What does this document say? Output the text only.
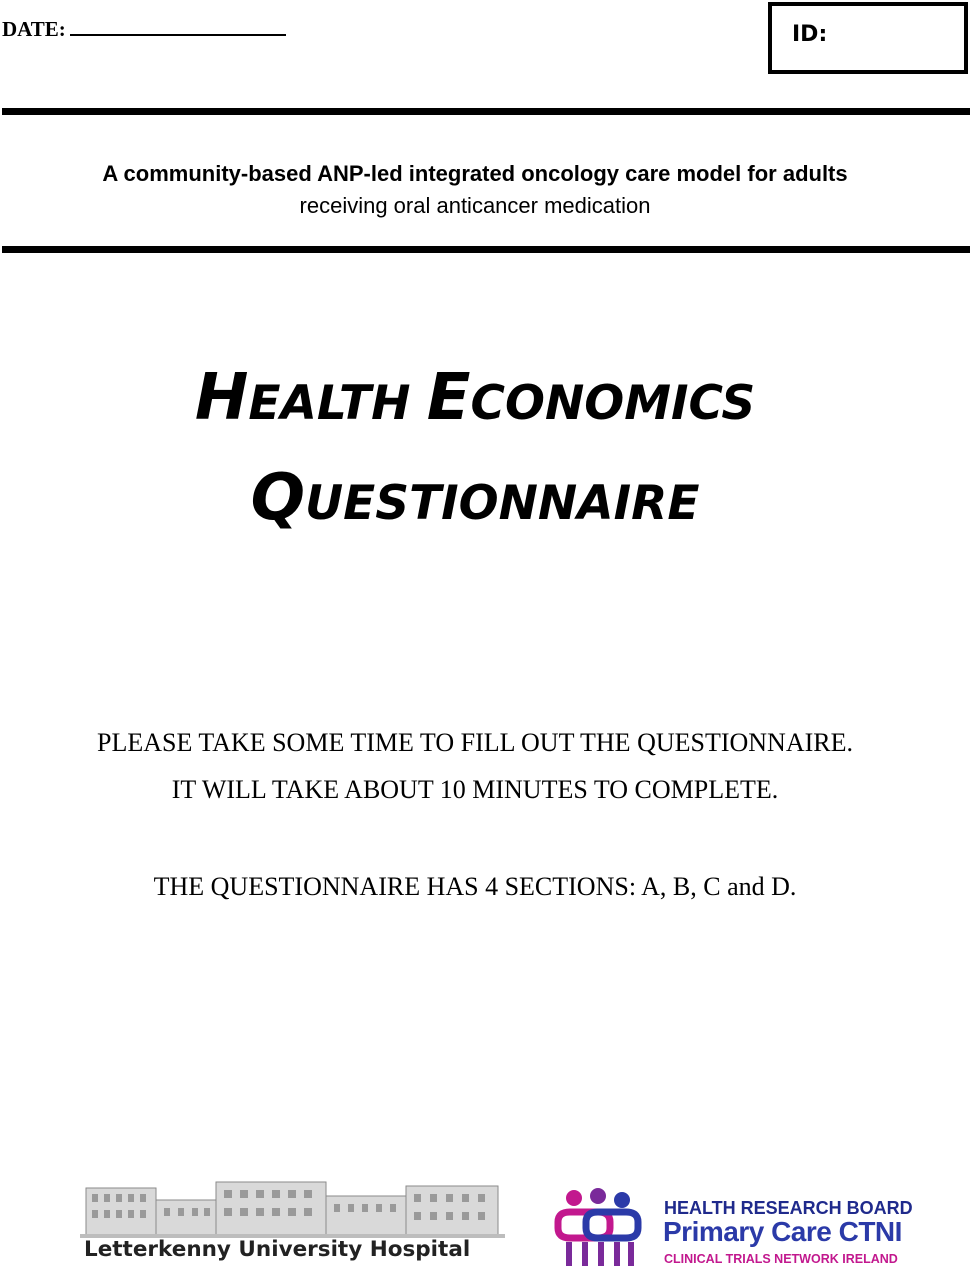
DATE:	ID:
A community-based ANP-led integrated oncology care model for adults
receiving oral anticancer medication
HEALTH ECONOMICS
QUESTIONNAIRE
PLEASE TAKE SOME TIME TO FILL OUT THE QUESTIONNAIRE.
IT WILL TAKE ABOUT 10 MINUTES TO COMPLETE.
THE QUESTIONNAIRE HAS 4 SECTIONS: A, B, C and D.
Letterkenny University Hospital
HEALTH RESEARCH BOARD
Primary Care CTNI
CLINICAL TRIALS NETWORK IRELAND
